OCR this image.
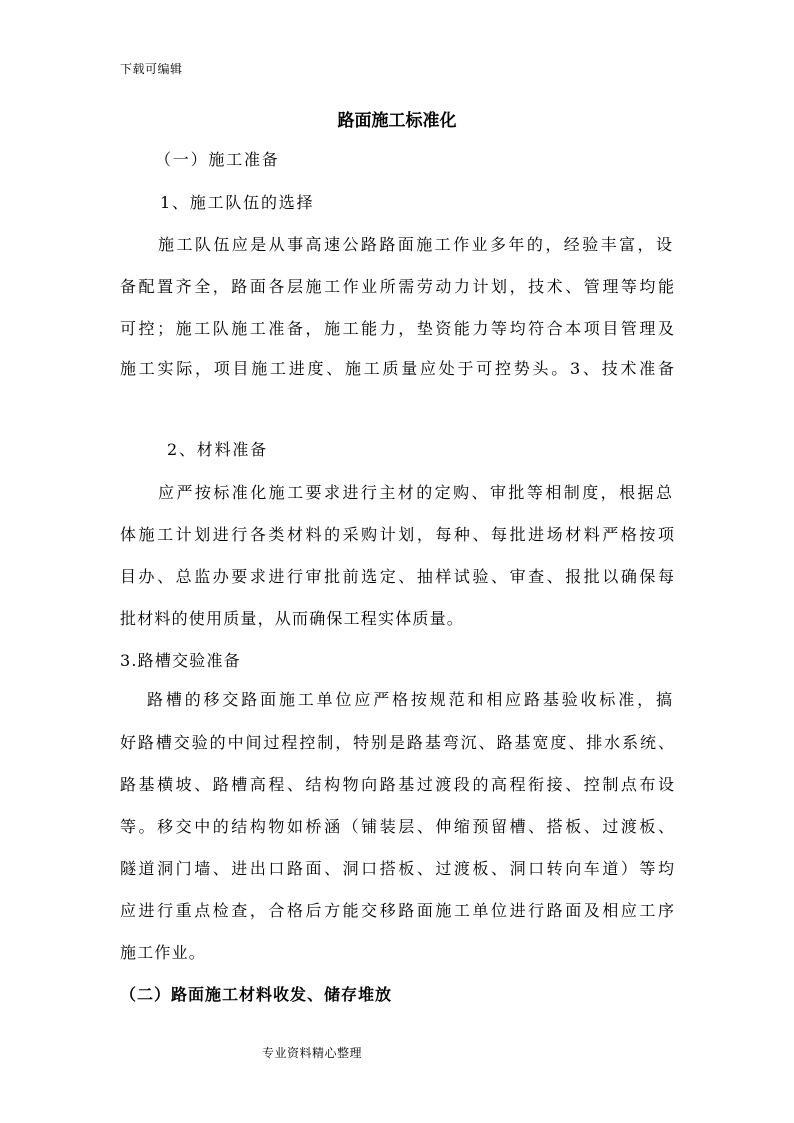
下载可编辑
路面施工标准化
（一）施工准备
1、施工队伍的选择
施工队伍应是从事高速公路路面施工作业多年的，经验丰富，设
备配置齐全，路面各层施工作业所需劳动力计划，技术、管理等均能
可控；施工队施工准备，施工能力，垫资能力等均符合本项目管理及
施工实际，项目施工进度、施工质量应处于可控势头。3、技术准备
2、材料准备
应严按标准化施工要求进行主材的定购、审批等相制度，根据总
体施工计划进行各类材料的采购计划，每种、每批进场材料严格按项
目办、总监办要求进行审批前选定、抽样试验、审查、报批以确保每
批材料的使用质量，从而确保工程实体质量。
3.路槽交验准备
路槽的移交路面施工单位应严格按规范和相应路基验收标准，搞
好路槽交验的中间过程控制，特别是路基弯沉、路基宽度、排水系统、
路基横坡、路槽高程、结构物向路基过渡段的高程衔接、控制点布设
等。移交中的结构物如桥涵（铺装层、伸缩预留槽、搭板、过渡板、
隧道洞门墙、进出口路面、洞口搭板、过渡板、洞口转向车道）等均
应进行重点检查，合格后方能交移路面施工单位进行路面及相应工序
施工作业。
（二）路面施工材料收发、储存堆放
专业资料精心整理
